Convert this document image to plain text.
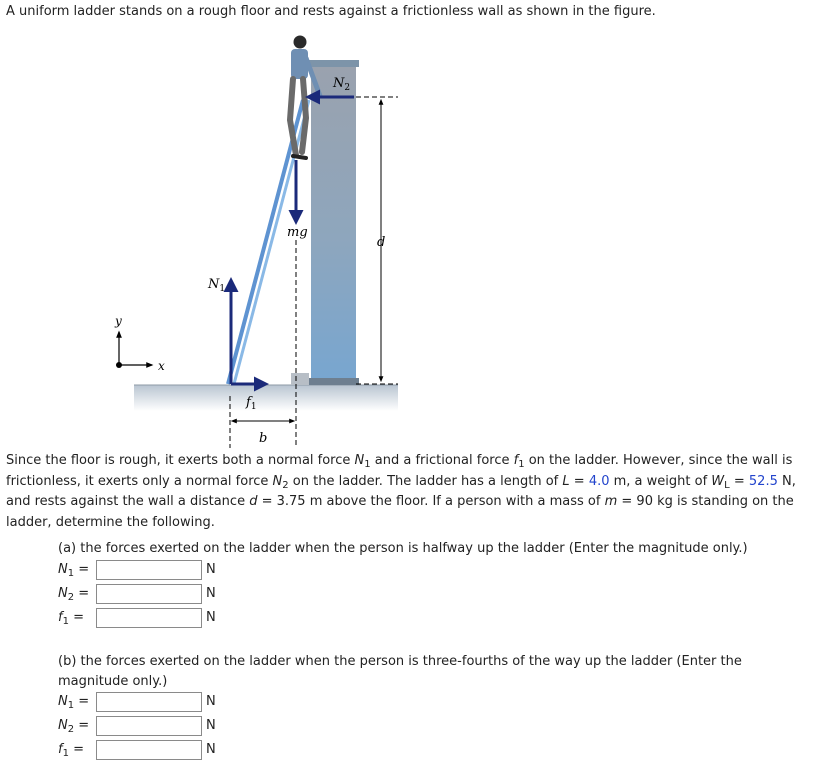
A uniform ladder stands on a rough floor and rests against a frictionless wall as shown in the figure.

d
b
$N_2$
mg
$N_1$
$f_1$
y
x

Since the floor is rough, it exerts both a normal force $N_1$ and a frictional force $f_1$ on the ladder. However, since the wall is frictionless, it exerts only a normal force $N_2$ on the ladder. The ladder has a length of L = 4.0 m, a weight of $W_L = 52.5$ N, and rests against the wall a distance d = 3.75 m above the floor. If a person with a mass of m = 90 kg is standing on the ladder, determine the following.

(a) the forces exerted on the ladder when the person is halfway up the ladder (Enter the magnitude only.)

$N_1$ =	N
$N_2$ =	N
$f_1$ =	N

(b) the forces exerted on the ladder when the person is three-fourths of the way up the ladder (Enter the magnitude only.)

$N_1$ =	N
$N_2$ =	N
$f_1$ =	N
